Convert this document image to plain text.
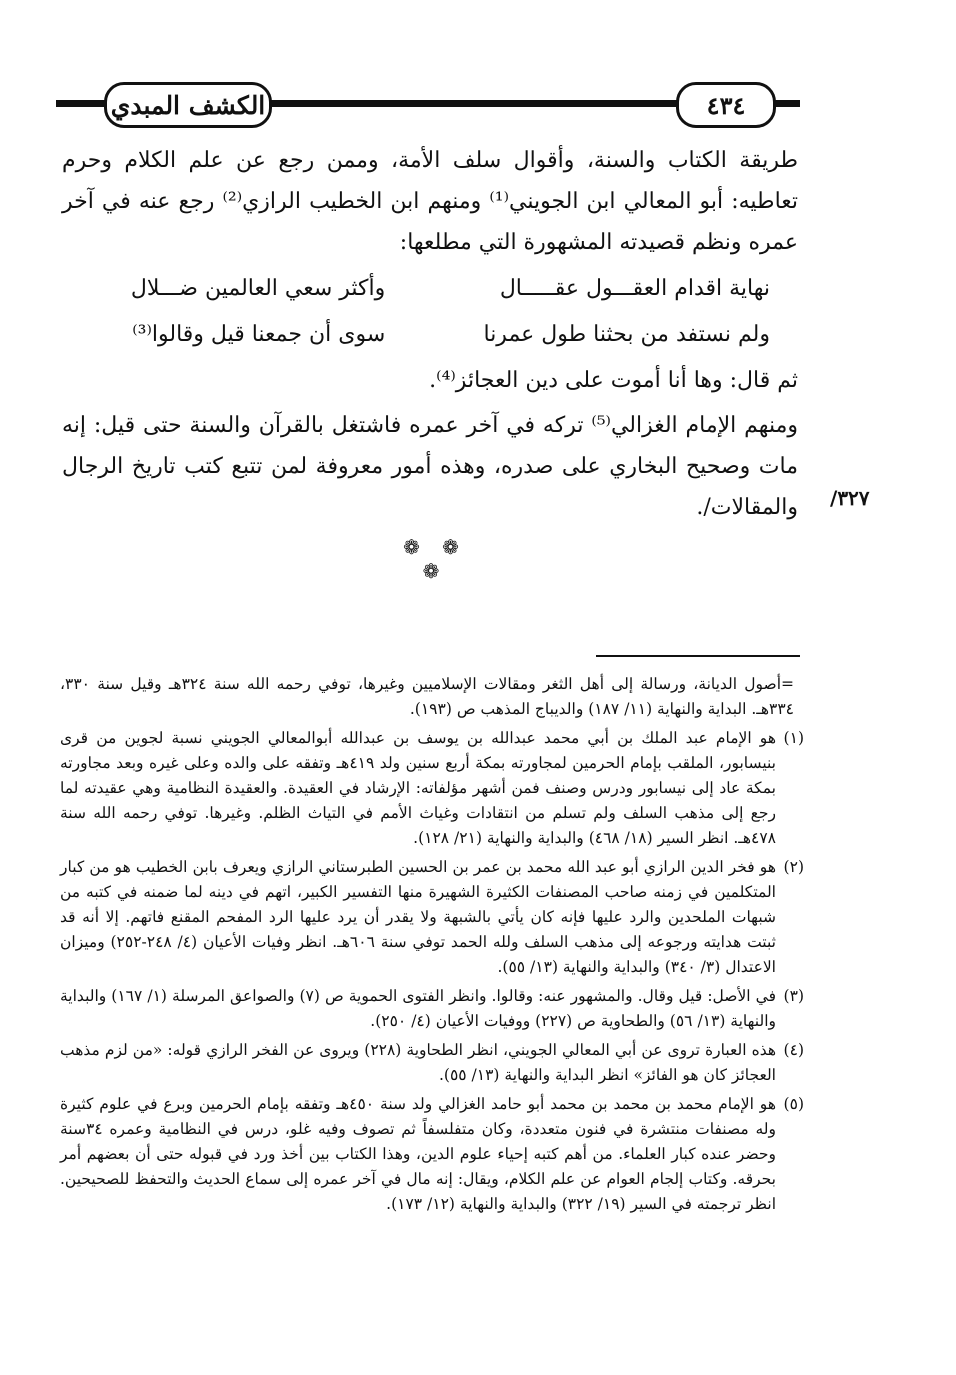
الكشف المبدي	٤٣٤

طريقة الكتاب والسنة، وأقوال سلف الأمة، وممن رجع عن علم الكلام وحرم تعاطيه: أبو المعالي ابن الجويني⁽¹⁾ ومنهم ابن الخطيب الرازي⁽²⁾ رجع عنه في آخر عمره ونظم قصيدته المشهورة التي مطلعها:

نهاية اقدام العقـــول عقـــــال
وأكثر سعي العالمين ضـــلال
ولم نستفد من بحثنا طول عمرنا
سوى أن جمعنا قيل وقالوا⁽³⁾

ثم قال: وها أنا أموت على دين العجائز⁽⁴⁾.

ومنهم الإمام الغزالي⁽⁵⁾ تركه في آخر عمره فاشتغل بالقرآن والسنة حتى قيل: إنه مات وصحيح البخاري على صدره، وهذه أمور معروفة لمن تتبع كتب تاريخ الرجال والمقالات/. ٣٢٧/
❁ ❁ ❁

=أصول الديانة، ورسالة إلى أهل الثغر ومقالات الإسلاميين وغيرها، توفي رحمه الله سنة ٣٢٤هـ وقيل سنة ٣٣٠، ٣٣٤هـ. البداية والنهاية (١١/ ١٨٧) والديباج المذهب ص (١٩٣).

(١)
هو الإمام عبد الملك بن أبي محمد عبدالله بن يوسف بن عبدالله أبوالمعالي الجويني نسبة لجوين من قرى بنيسابور، الملقب بإمام الحرمين لمجاورته بمكة أربع سنين ولد ٤١٩هـ وتفقه على والده وعلى غيره وبعد مجاورته بمكة عاد إلى نيسابور ودرس وصنف فمن أشهر مؤلفاته: الإرشاد في العقيدة. والعقيدة النظامية وهي عقيدته لما رجع إلى مذهب السلف ولم تسلم من انتقادات وغياث الأمم في التياث الظلم. وغيرها. توفي رحمه الله سنة ٤٧٨هـ. انظر السير (١٨/ ٤٦٨) والبداية والنهاية (٢١/ ١٢٨).

(٢)
هو فخر الدين الرازي أبو عبد الله محمد بن عمر بن الحسين الطبرستاني الرازي ويعرف بابن الخطيب هو من كبار المتكلمين في زمنه صاحب المصنفات الكثيرة الشهيرة منها التفسير الكبير، اتهم في دينه لما ضمنه في كتبه من شبهات الملحدين والرد عليها فإنه كان يأتي بالشبهة ولا يقدر أن يرد عليها الرد المفحم المقنع فاتهم. إلا أنه قد ثبتت هدايته ورجوعه إلى مذهب السلف ولله الحمد توفي سنة ٦٠٦هـ. انظر وفيات الأعيان (٤/ ٢٤٨-٢٥٢) وميزان الاعتدال (٣/ ٣٤٠) والبداية والنهاية (١٣/ ٥٥).

(٣)
في الأصل: قيل وقال. والمشهور عنه: وقالوا. وانظر الفتوى الحموية ص (٧) والصواعق المرسلة (١/ ١٦٧) والبداية والنهاية (١٣/ ٥٦) والطحاوية ص (٢٢٧) ووفيات الأعيان (٤/ ٢٥٠).

(٤)
هذه العبارة تروى عن أبي المعالي الجويني، انظر الطحاوية (٢٢٨) ويروى عن الفخر الرازي قوله: «من لزم مذهب العجائز كان هو الفائز» انظر البداية والنهاية (١٣/ ٥٥).

(٥)
هو الإمام محمد بن محمد بن محمد أبو حامد الغزالي ولد سنة ٤٥٠هـ وتفقه بإمام الحرمين وبرع في علوم كثيرة وله مصنفات منتشرة في فنون متعددة، وكان متفلسفاً ثم تصوف وفيه غلو، درس في النظامية وعمره ٣٤سنة وحضر عنده كبار العلماء. من أهم كتبه إحياء علوم الدين، وهذا الكتاب بين أخذ ورد في قبوله حتى أن بعضهم أمر بحرقه. وكتاب إلجام العوام عن علم الكلام، ويقال: إنه مال في آخر عمره إلى سماع الحديث والتحفظ للصحيحين. انظر ترجمته في السير (١٩/ ٣٢٢) والبداية والنهاية (١٢/ ١٧٣).
